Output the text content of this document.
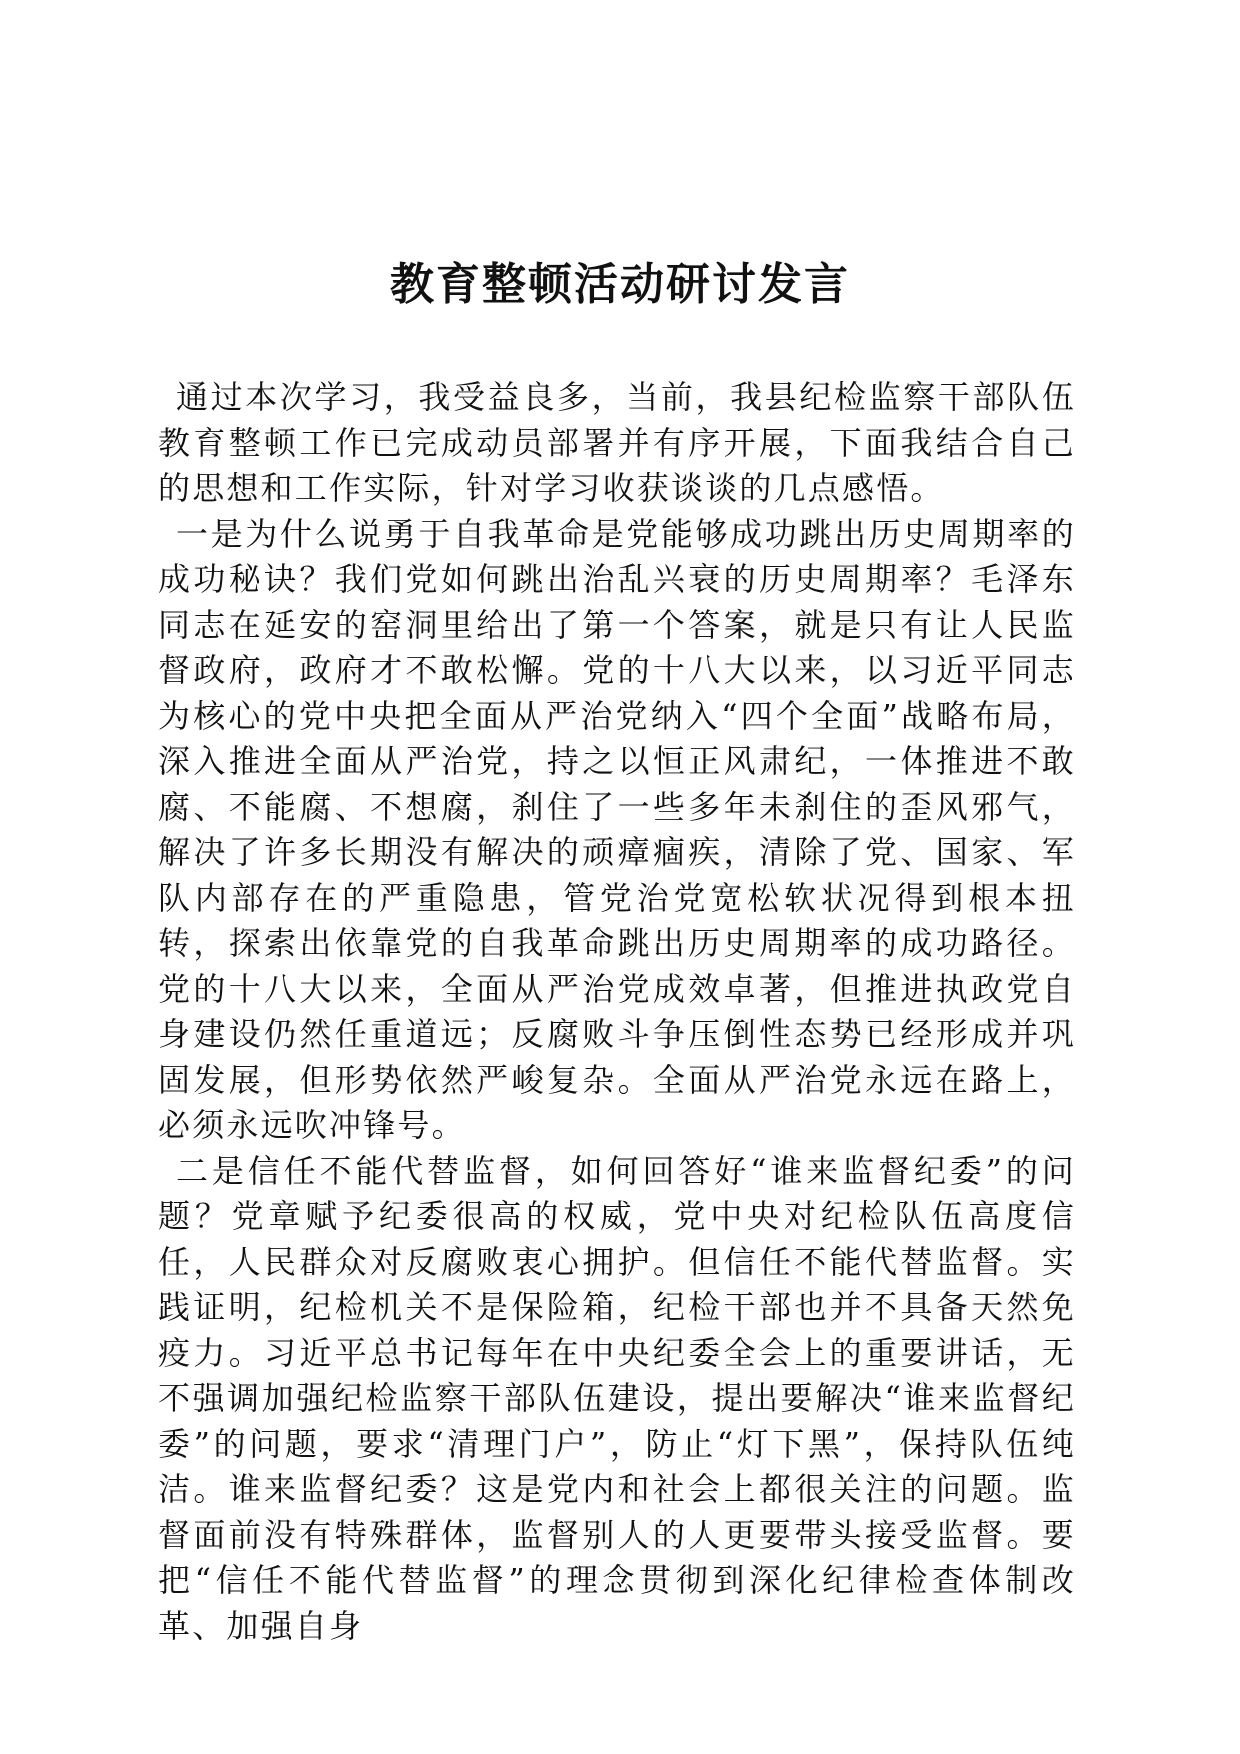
教育整顿活动研讨发言

通过本次学习，我受益良多，当前，我县纪检监察干部队伍教育整顿工作已完成动员部署并有序开展，下面我结合自己的思想和工作实际，针对学习收获谈谈的几点感悟。

一是为什么说勇于自我革命是党能够成功跳出历史周期率的成功秘诀？我们党如何跳出治乱兴衰的历史周期率？毛泽东同志在延安的窑洞里给出了第一个答案，就是只有让人民监督政府，政府才不敢松懈。党的十八大以来，以习近平同志为核心的党中央把全面从严治党纳入“四个全面”战略布局，深入推进全面从严治党，持之以恒正风肃纪，一体推进不敢腐、不能腐、不想腐，刹住了一些多年未刹住的歪风邪气，解决了许多长期没有解决的顽瘴痼疾，清除了党、国家、军队内部存在的严重隐患，管党治党宽松软状况得到根本扭转，探索出依靠党的自我革命跳出历史周期率的成功路径。党的十八大以来，全面从严治党成效卓著，但推进执政党自身建设仍然任重道远；反腐败斗争压倒性态势已经形成并巩固发展，但形势依然严峻复杂。全面从严治党永远在路上，必须永远吹冲锋号。

二是信任不能代替监督，如何回答好“谁来监督纪委”的问题？党章赋予纪委很高的权威，党中央对纪检队伍高度信任，人民群众对反腐败衷心拥护。但信任不能代替监督。实践证明，纪检机关不是保险箱，纪检干部也并不具备天然免疫力。习近平总书记每年在中央纪委全会上的重要讲话，无不强调加强纪检监察干部队伍建设，提出要解决“谁来监督纪委”的问题，要求“清理门户”，防止“灯下黑”，保持队伍纯洁。谁来监督纪委？这是党内和社会上都很关注的问题。监督面前没有特殊群体，监督别人的人更要带头接受监督。要把“信任不能代替监督”的理念贯彻到深化纪律检查体制改革、加强自身
